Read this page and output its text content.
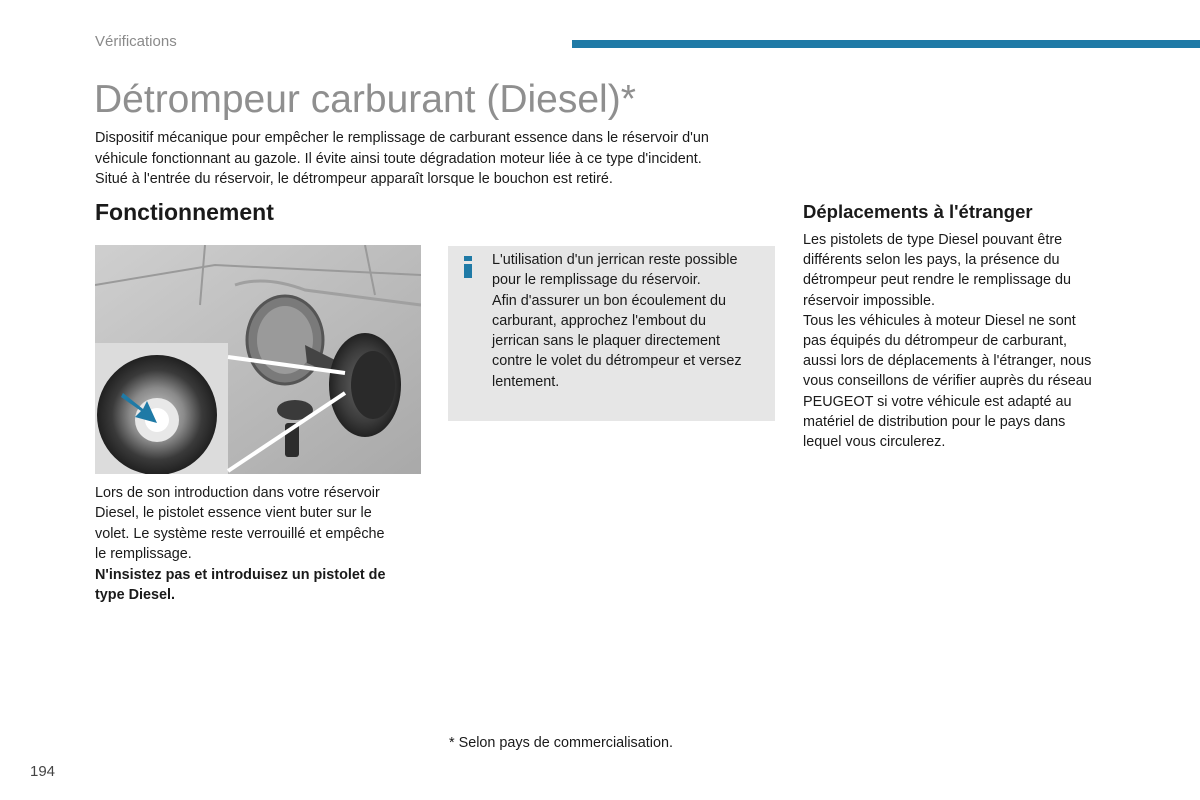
Vérifications
Détrompeur carburant (Diesel)*

Dispositif mécanique pour empêcher le remplissage de carburant essence dans le réservoir d'un

véhicule fonctionnant au gazole. Il évite ainsi toute dégradation moteur liée à ce type d'incident.

Situé à l'entrée du réservoir, le détrompeur apparaît lorsque le bouchon est retiré.

Fonctionnement

Lors de son introduction dans votre réservoir

Diesel, le pistolet essence vient buter sur le

volet. Le système reste verrouillé et empêche

le remplissage.

N'insistez pas et introduisez un pistolet de

type Diesel.

L'utilisation d'un jerrican reste possible

pour le remplissage du réservoir.

Afin d'assurer un bon écoulement du

carburant, approchez l'embout du

jerrican sans le plaquer directement

contre le volet du détrompeur et versez

lentement.

Déplacements à l'étranger

Les pistolets de type Diesel pouvant être

différents selon les pays, la présence du

détrompeur peut rendre le remplissage du

réservoir impossible.

Tous les véhicules à moteur Diesel ne sont

pas équipés du détrompeur de carburant,

aussi lors de déplacements à l'étranger, nous

vous conseillons de vérifier auprès du réseau

PEUGEOT si votre véhicule est adapté au

matériel de distribution pour le pays dans

lequel vous circulerez.

* Selon pays de commercialisation.
194
